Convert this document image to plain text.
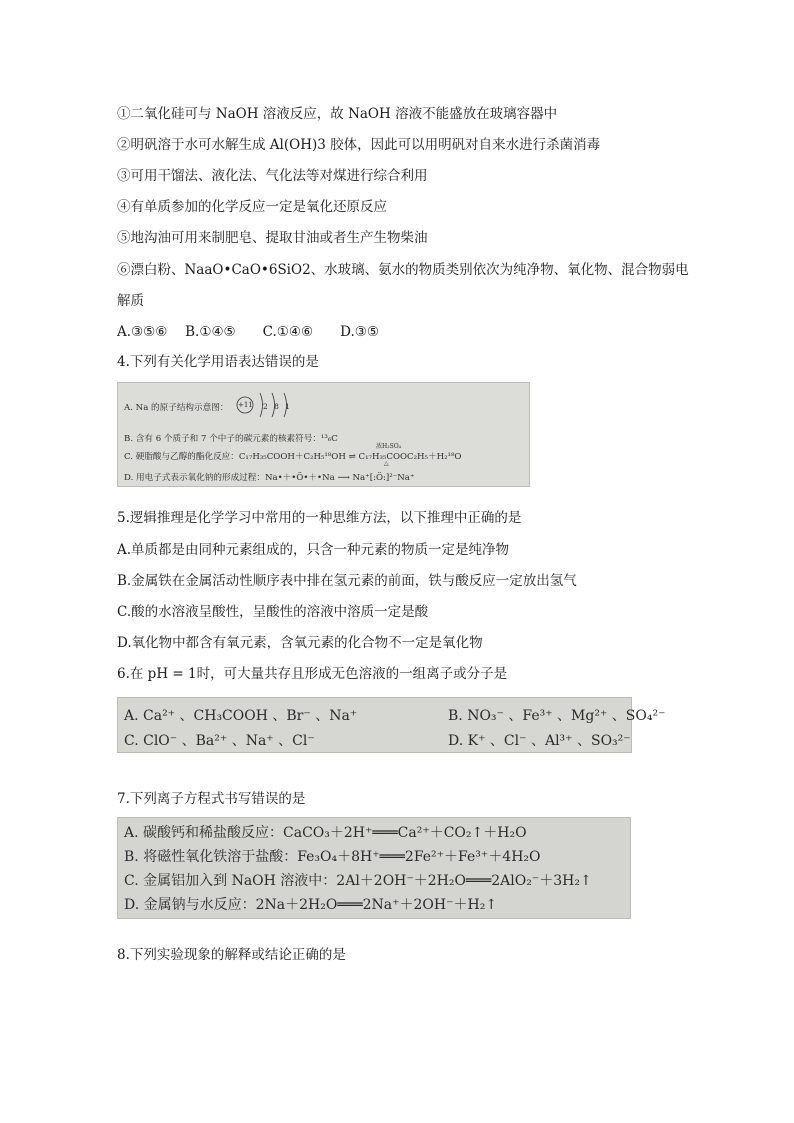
①二氧化硅可与 NaOH 溶液反应，故 NaOH 溶液不能盛放在玻璃容器中
②明矾溶于水可水解生成 Al(OH)3 胶体，因此可以用明矾对自来水进行杀菌消毒
③可用干馏法、液化法、气化法等对煤进行综合利用
④有单质参加的化学反应一定是氧化还原反应
⑤地沟油可用来制肥皂、提取甘油或者生产生物柴油
⑥漂白粉、NaaO•CaO•6SiO2、水玻璃、氨水的物质类别依次为纯净物、氧化物、混合物弱电
解质
A.③⑤⑥　 B.①④⑤　　C.①④⑥　　D.③⑤
4.下列有关化学用语表达错误的是
A. Na 的原子结构示意图： +11 2 8 1
B. 含有 6 个质子和 7 个中子的碳元素的核素符号：¹³₆C
C. 硬脂酸与乙醇的酯化反应：C₁₇H₃₅COOH＋C₂H₅¹⁸OH ⇌ C₁₇H₃₅COOC₂H₅＋H₂¹⁸O
浓H₂SO₄
△
D. 用电子式表示氧化钠的形成过程：Na•＋•Ö•＋•Na ⟶ Na⁺[:Ö:]²⁻Na⁺
5.逻辑推理是化学学习中常用的一种思维方法，以下推理中正确的是
A.单质都是由同种元素组成的，只含一种元素的物质一定是纯净物
B.金属铁在金属活动性顺序表中排在氢元素的前面，铁与酸反应一定放出氢气
C.酸的水溶液呈酸性，呈酸性的溶液中溶质一定是酸
D.氧化物中都含有氧元素，含氧元素的化合物不一定是氧化物
6.在 pH = 1时，可大量共存且形成无色溶液的一组离子或分子是
A. Ca²⁺ 、CH₃COOH 、Br⁻ 、Na⁺	B. NO₃⁻ 、Fe³⁺ 、Mg²⁺ 、SO₄²⁻
C. ClO⁻ 、Ba²⁺ 、Na⁺ 、Cl⁻	D. K⁺ 、Cl⁻ 、Al³⁺ 、SO₃²⁻
7.下列离子方程式书写错误的是
A. 碳酸钙和稀盐酸反应：CaCO₃＋2H⁺═══Ca²⁺＋CO₂↑＋H₂O
B. 将磁性氧化铁溶于盐酸：Fe₃O₄＋8H⁺═══2Fe²⁺＋Fe³⁺＋4H₂O
C. 金属铝加入到 NaOH 溶液中：2Al＋2OH⁻＋2H₂O═══2AlO₂⁻＋3H₂↑
D. 金属钠与水反应：2Na＋2H₂O═══2Na⁺＋2OH⁻＋H₂↑
8.下列实验现象的解释或结论正确的是
